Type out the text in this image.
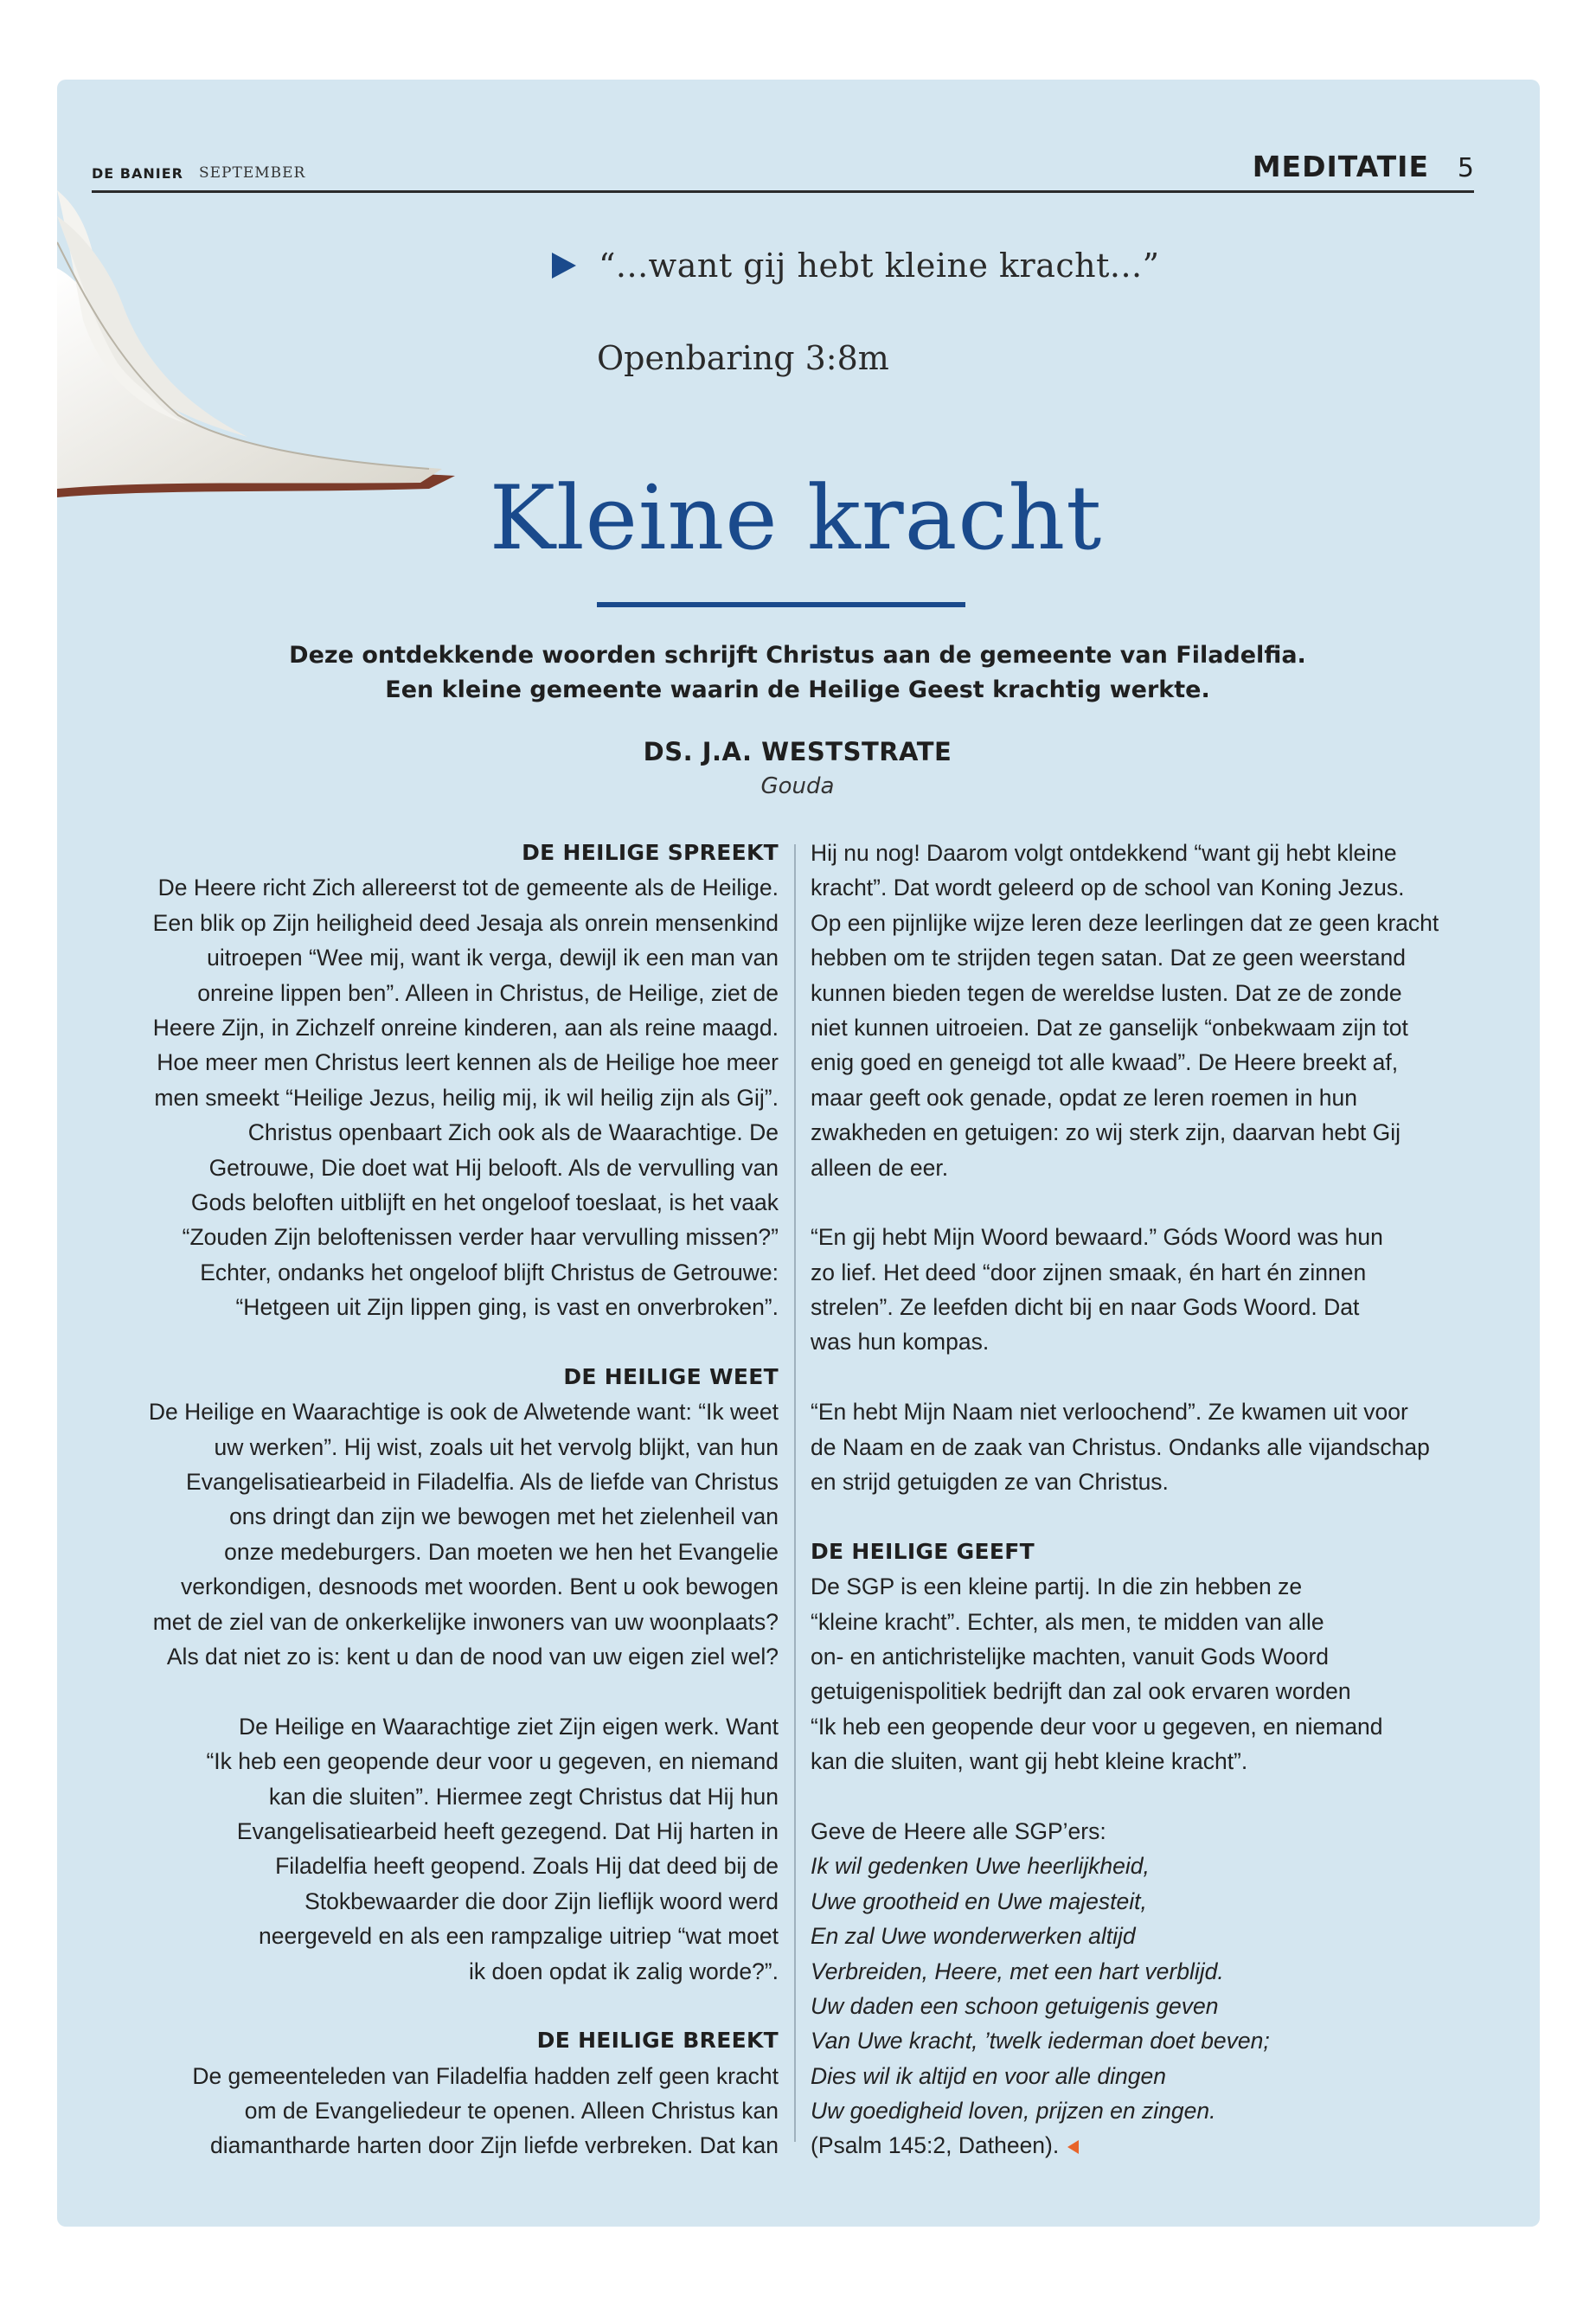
DE BANIER SEPTEMBER	MEDITATIE 5
“...want gij hebt kleine kracht...”
Openbaring 3:8m
Kleine kracht
Deze ontdekkende woorden schrijft Christus aan de gemeente van Filadelfia.
Een kleine gemeente waarin de Heilige Geest krachtig werkte.
DS. J.A. WESTSTRATE
Gouda
DE HEILIGE SPREEKT
De Heere richt Zich allereerst tot de gemeente als de Heilige.
Een blik op Zijn heiligheid deed Jesaja als onrein mensenkind
uitroepen “Wee mij, want ik verga, dewijl ik een man van
onreine lippen ben”. Alleen in Christus, de Heilige, ziet de
Heere Zijn, in Zichzelf onreine kinderen, aan als reine maagd.
Hoe meer men Christus leert kennen als de Heilige hoe meer
men smeekt “Heilige Jezus, heilig mij, ik wil heilig zijn als Gij”.
Christus openbaart Zich ook als de Waarachtige. De
Getrouwe, Die doet wat Hij belooft. Als de vervulling van
Gods beloften uitblijft en het ongeloof toeslaat, is het vaak
“Zouden Zijn beloftenissen verder haar vervulling missen?”
Echter, ondanks het ongeloof blijft Christus de Getrouwe:
“Hetgeen uit Zijn lippen ging, is vast en onverbroken”.
DE HEILIGE WEET
De Heilige en Waarachtige is ook de Alwetende want: “Ik weet
uw werken”. Hij wist, zoals uit het vervolg blijkt, van hun
Evangelisatiearbeid in Filadelfia. Als de liefde van Christus
ons dringt dan zijn we bewogen met het zielenheil van
onze medeburgers. Dan moeten we hen het Evangelie
verkondigen, desnoods met woorden. Bent u ook bewogen
met de ziel van de onkerkelijke inwoners van uw woonplaats?
Als dat niet zo is: kent u dan de nood van uw eigen ziel wel?
De Heilige en Waarachtige ziet Zijn eigen werk. Want
“Ik heb een geopende deur voor u gegeven, en niemand
kan die sluiten”. Hiermee zegt Christus dat Hij hun
Evangelisatiearbeid heeft gezegend. Dat Hij harten in
Filadelfia heeft geopend. Zoals Hij dat deed bij de
Stokbewaarder die door Zijn lieflijk woord werd
neergeveld en als een rampzalige uitriep “wat moet
ik doen opdat ik zalig worde?”.
DE HEILIGE BREEKT
De gemeenteleden van Filadelfia hadden zelf geen kracht
om de Evangeliedeur te openen. Alleen Christus kan
diamantharde harten door Zijn liefde verbreken. Dat kan
Hij nu nog! Daarom volgt ontdekkend “want gij hebt kleine
kracht”. Dat wordt geleerd op de school van Koning Jezus.
Op een pijnlijke wijze leren deze leerlingen dat ze geen kracht
hebben om te strijden tegen satan. Dat ze geen weerstand
kunnen bieden tegen de wereldse lusten. Dat ze de zonde
niet kunnen uitroeien. Dat ze ganselijk “onbekwaam zijn tot
enig goed en geneigd tot alle kwaad”. De Heere breekt af,
maar geeft ook genade, opdat ze leren roemen in hun
zwakheden en getuigen: zo wij sterk zijn, daarvan hebt Gij
alleen de eer.
“En gij hebt Mijn Woord bewaard.” Góds Woord was hun
zo lief. Het deed “door zijnen smaak, én hart én zinnen
strelen”. Ze leefden dicht bij en naar Gods Woord. Dat
was hun kompas.
“En hebt Mijn Naam niet verloochend”. Ze kwamen uit voor
de Naam en de zaak van Christus. Ondanks alle vijandschap
en strijd getuigden ze van Christus.
DE HEILIGE GEEFT
De SGP is een kleine partij. In die zin hebben ze
“kleine kracht”. Echter, als men, te midden van alle
on- en antichristelijke machten, vanuit Gods Woord
getuigenispolitiek bedrijft dan zal ook ervaren worden
“Ik heb een geopende deur voor u gegeven, en niemand
kan die sluiten, want gij hebt kleine kracht”.
Geve de Heere alle SGP’ers:
Ik wil gedenken Uwe heerlijkheid,
Uwe grootheid en Uwe majesteit,
En zal Uwe wonderwerken altijd
Verbreiden, Heere, met een hart verblijd.
Uw daden een schoon getuigenis geven
Van Uwe kracht, ’twelk iederman doet beven;
Dies wil ik altijd en voor alle dingen
Uw goedigheid loven, prijzen en zingen.
(Psalm 145:2, Datheen).
